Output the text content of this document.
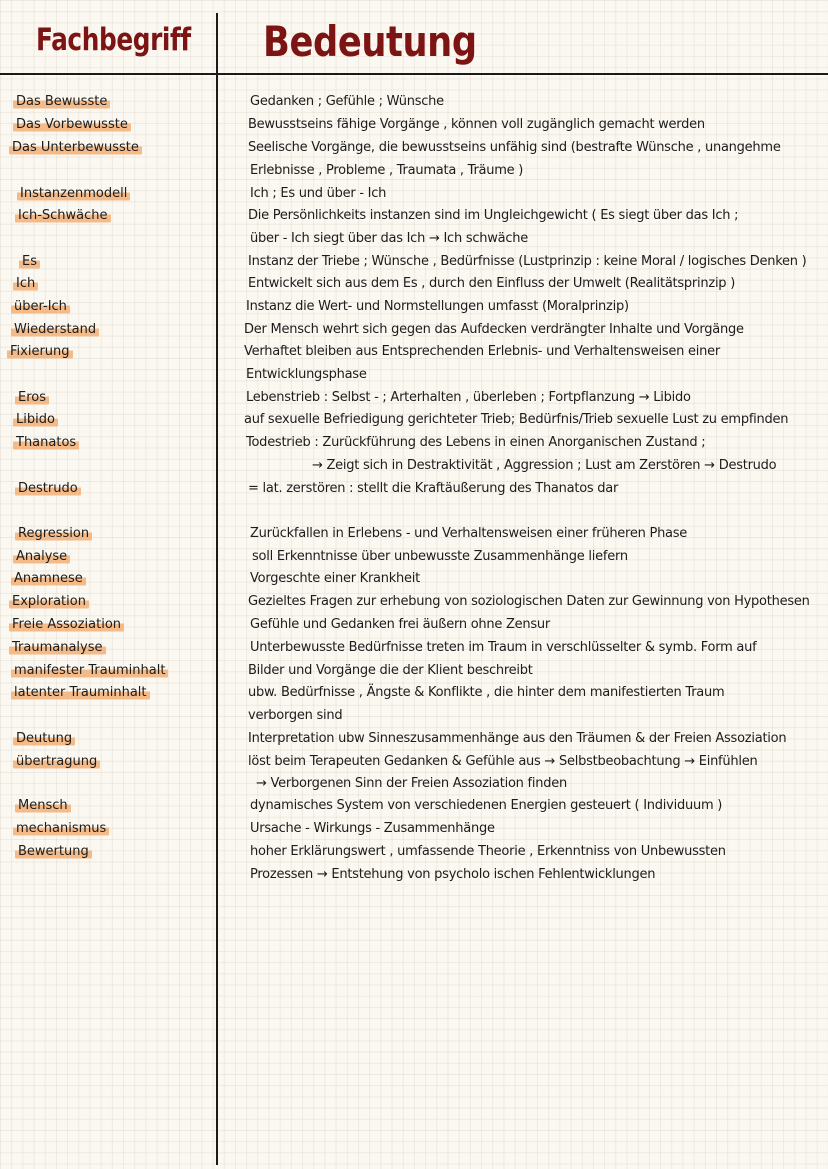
Fachbegriff Bedeutung
Das Bewusste
Das Vorbewusste
Das Unterbewusste
Instanzenmodell
Ich-Schwäche
Es
Ich
über-Ich
Wiederstand
Fixierung
Eros
Libido
Thanatos
Destrudo
Regression
Analyse
Anamnese
Exploration
Freie Assoziation
Traumanalyse
manifester Trauminhalt
latenter Trauminhalt
Deutung
übertragung
Mensch
mechanismus
Bewertung
Gedanken ; Gefühle ; Wünsche
Bewusstseins fähige Vorgänge , können voll zugänglich gemacht werden
Seelische Vorgänge, die bewusstseins unfähig sind (bestrafte Wünsche , unangehme
Erlebnisse , Probleme , Traumata , Träume )
Ich ; Es und über - Ich
Die Persönlichkeits instanzen sind im Ungleichgewicht ( Es siegt über das Ich ;
über - Ich siegt über das Ich → Ich schwäche
Instanz der Triebe ; Wünsche , Bedürfnisse (Lustprinzip : keine Moral / logisches Denken )
Entwickelt sich aus dem Es , durch den Einfluss der Umwelt (Realitätsprinzip )
Instanz die Wert- und Normstellungen umfasst (Moralprinzip)
Der Mensch wehrt sich gegen das Aufdecken verdrängter Inhalte und Vorgänge
Verhaftet bleiben aus Entsprechenden Erlebnis- und Verhaltensweisen einer
Entwicklungsphase
Lebenstrieb : Selbst - ; Arterhalten , überleben ; Fortpflanzung → Libido
auf sexuelle Befriedigung gerichteter Trieb; Bedürfnis/Trieb sexuelle Lust zu empfinden
Todestrieb : Zurückführung des Lebens in einen Anorganischen Zustand ;
→ Zeigt sich in Destraktivität , Aggression ; Lust am Zerstören → Destrudo
= lat. zerstören : stellt die Kraftäußerung des Thanatos dar
Zurückfallen in Erlebens - und Verhaltensweisen einer früheren Phase
soll Erkenntnisse über unbewusste Zusammenhänge liefern
Vorgeschte einer Krankheit
Gezieltes Fragen zur erhebung von soziologischen Daten zur Gewinnung von Hypothesen
Gefühle und Gedanken frei äußern ohne Zensur
Unterbewusste Bedürfnisse treten im Traum in verschlüsselter & symb. Form auf
Bilder und Vorgänge die der Klient beschreibt
ubw. Bedürfnisse , Ängste & Konflikte , die hinter dem manifestierten Traum
verborgen sind
Interpretation ubw Sinneszusammenhänge aus den Träumen & der Freien Assoziation
löst beim Terapeuten Gedanken & Gefühle aus → Selbstbeobachtung → Einfühlen
→ Verborgenen Sinn der Freien Assoziation finden
dynamisches System von verschiedenen Energien gesteuert ( Individuum )
Ursache - Wirkungs - Zusammenhänge
hoher Erklärungswert , umfassende Theorie , Erkenntniss von Unbewussten
Prozessen → Entstehung von psycholo ischen Fehlentwicklungen
